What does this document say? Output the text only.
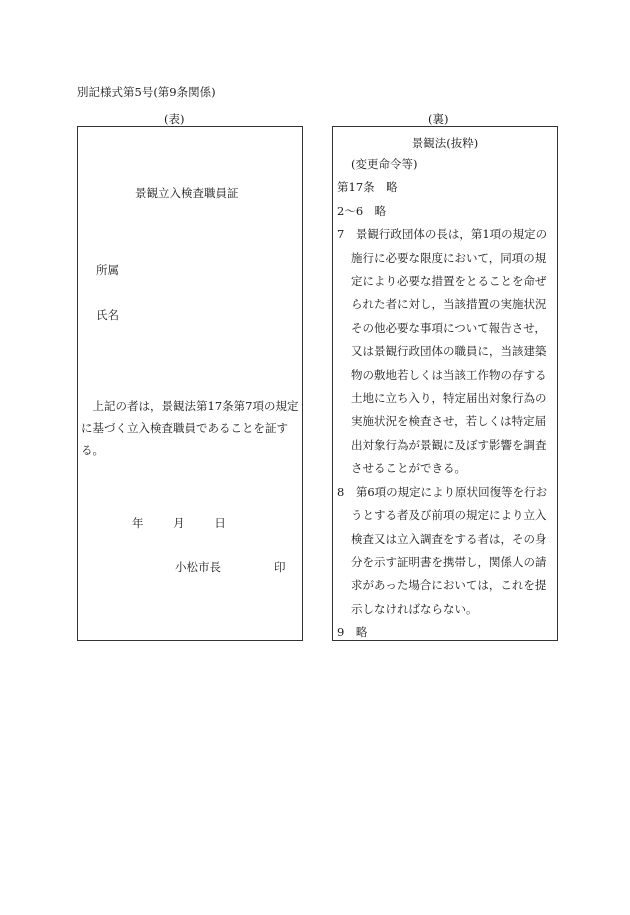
別記様式第5号(第9条関係)
(表)	(裏)
景観立入検査職員証
所属
氏名

　上記の者は，景観法第17条第7項の規定

に基づく立入検査職員であることを証す

る。

年	月	日
小松市長	印
景観法(抜粋)
(変更命令等)
第17条　略
2〜6　略
7　景観行政団体の長は，第1項の規定の
施行に必要な限度において，同項の規
定により必要な措置をとることを命ぜ
られた者に対し，当該措置の実施状況
その他必要な事項について報告させ，
又は景観行政団体の職員に，当該建築
物の敷地若しくは当該工作物の存する
土地に立ち入り，特定届出対象行為の
実施状況を検査させ，若しくは特定届
出対象行為が景観に及ぼす影響を調査
させることができる。
8　第6項の規定により原状回復等を行お
うとする者及び前項の規定により立入
検査又は立入調査をする者は，その身
分を示す証明書を携帯し，関係人の請
求があった場合においては，これを提
示しなければならない。
9　略
